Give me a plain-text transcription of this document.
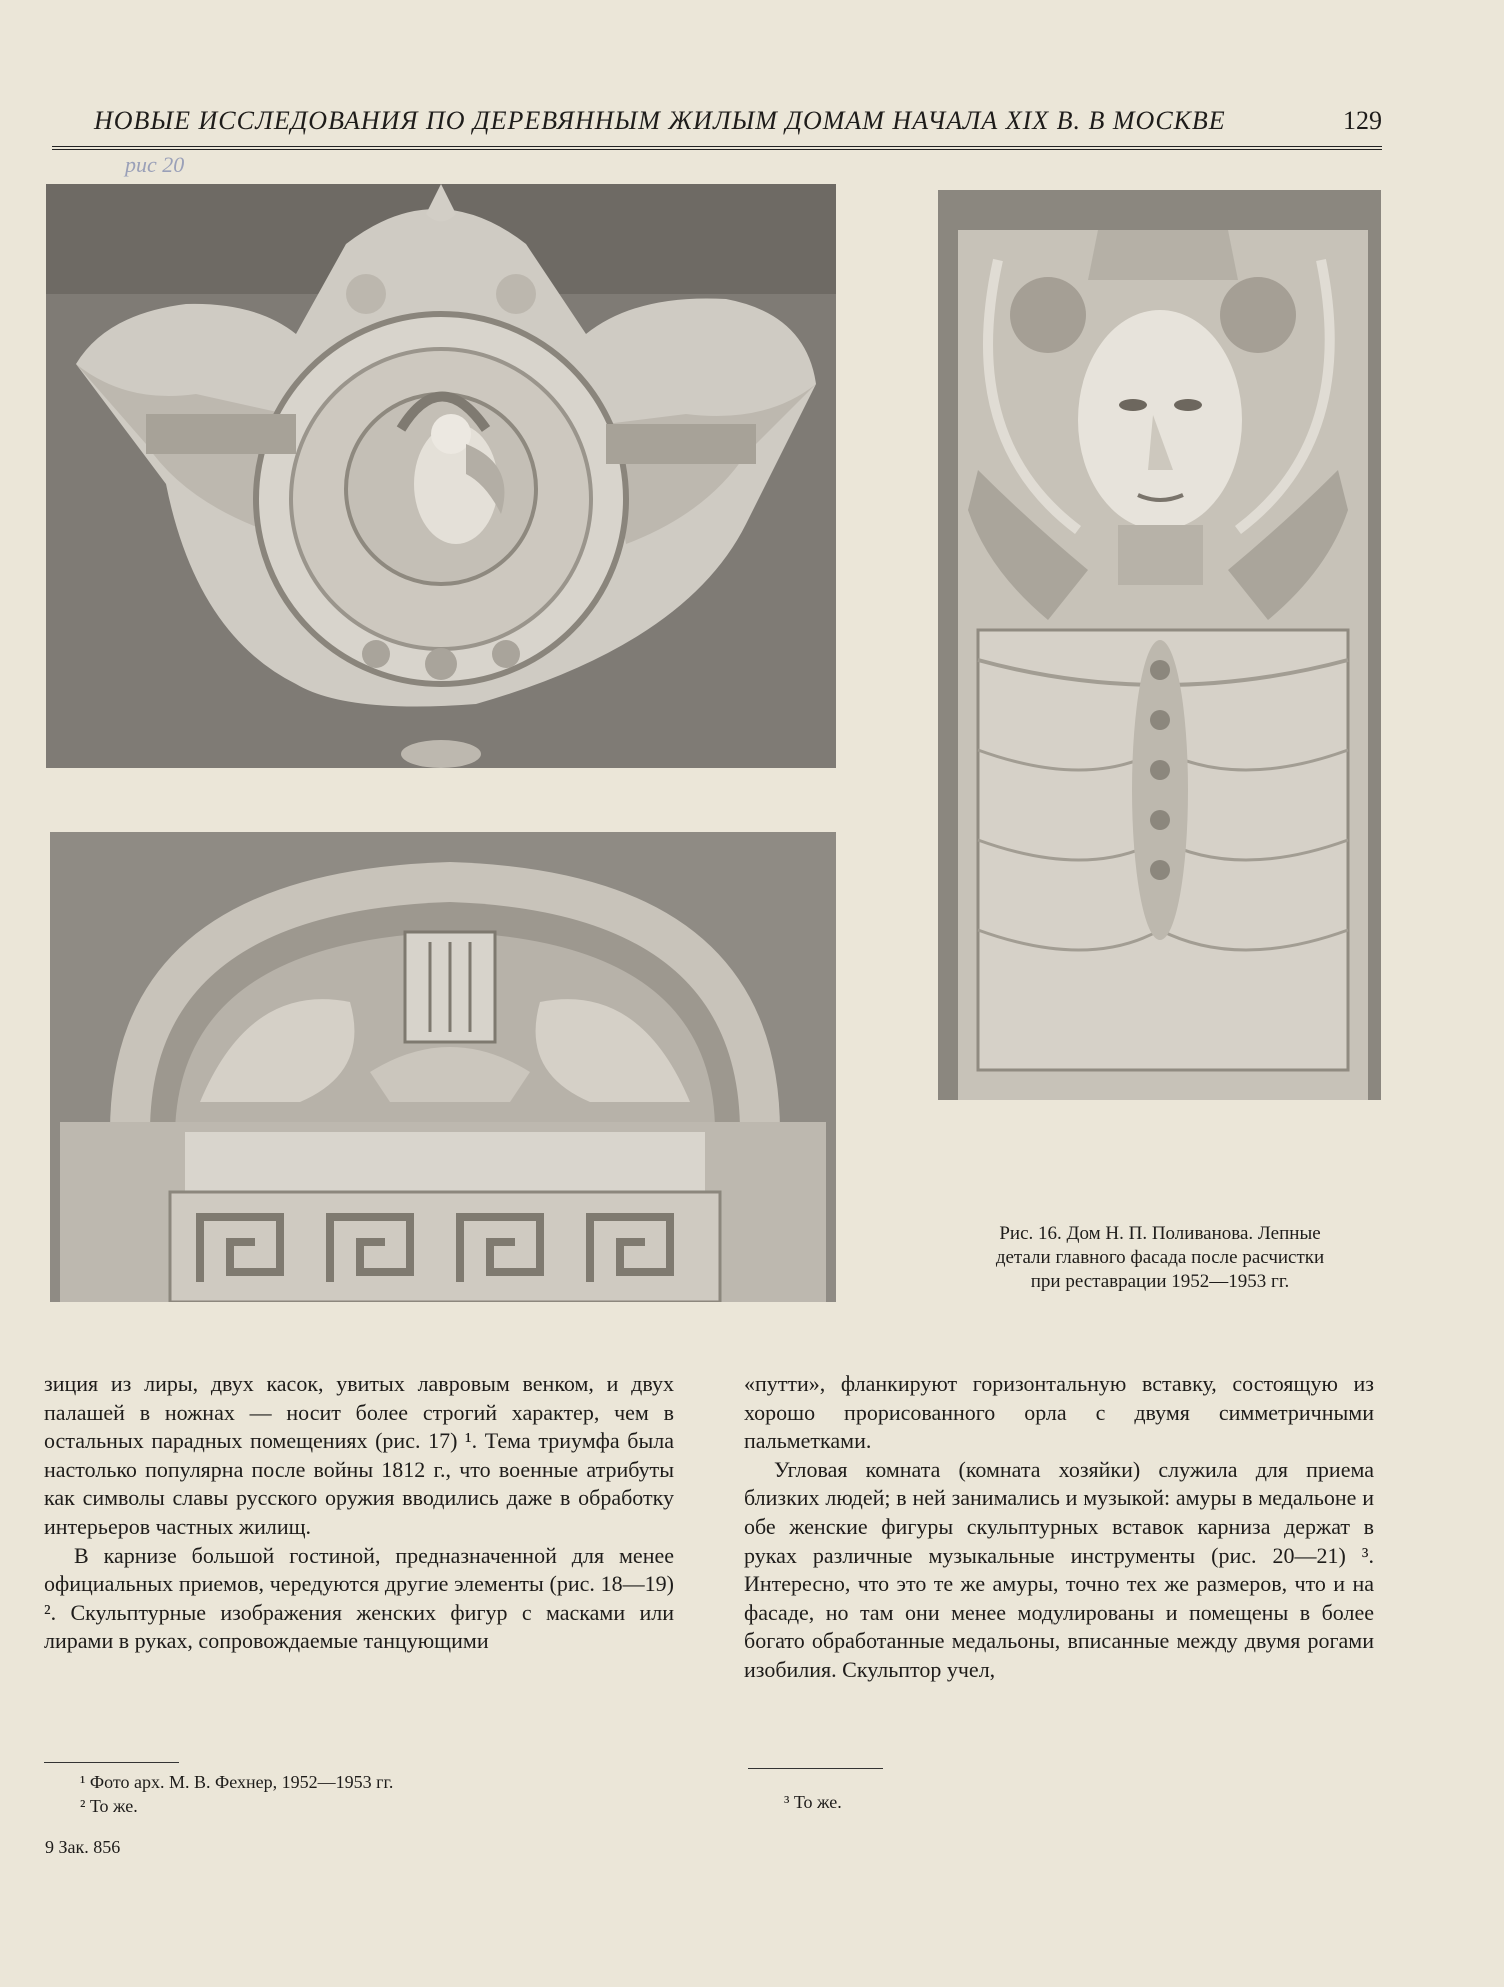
НОВЫЕ ИССЛЕДОВАНИЯ ПО ДЕРЕВЯННЫМ ЖИЛЫМ ДОМАМ НАЧАЛА XIX В. В МОСКВЕ	129
рис 20
Рис. 16. Дом Н. П. Поливанова. Лепные
детали главного фасада после расчистки
при реставрации 1952—1953 гг.

зиция из лиры, двух касок, увитых лавровым венком, и двух палашей в ножнах — носит более строгий характер, чем в остальных парадных помещениях (рис. 17) ¹. Тема триумфа была настолько популярна после войны 1812 г., что военные атрибуты как символы славы русского оружия вводились даже в обработку интерьеров частных жилищ.

В карнизе большой гостиной, предназначенной для менее официальных приемов, чередуются другие элементы (рис. 18—19) ². Скульптурные изображения женских фигур с масками или лирами в руках, сопровождаемые танцующими

«путти», фланкируют горизонтальную вставку, состоящую из хорошо прорисованного орла с двумя симметричными пальметками.

Угловая комната (комната хозяйки) служила для приема близких людей; в ней занимались и музыкой: амуры в медальоне и обе женские фигуры скульптурных вставок карниза держат в руках различные музыкальные инструменты (рис. 20—21) ³. Интересно, что это те же амуры, точно тех же размеров, что и на фасаде, но там они менее модулированы и помещены в более богато обработанные медальоны, вписанные между двумя рогами изобилия. Скульптор учел,

¹ Фото арх. М. В. Фехнер, 1952—1953 гг.
² То же.	³ То же.
9 Зак. 856
